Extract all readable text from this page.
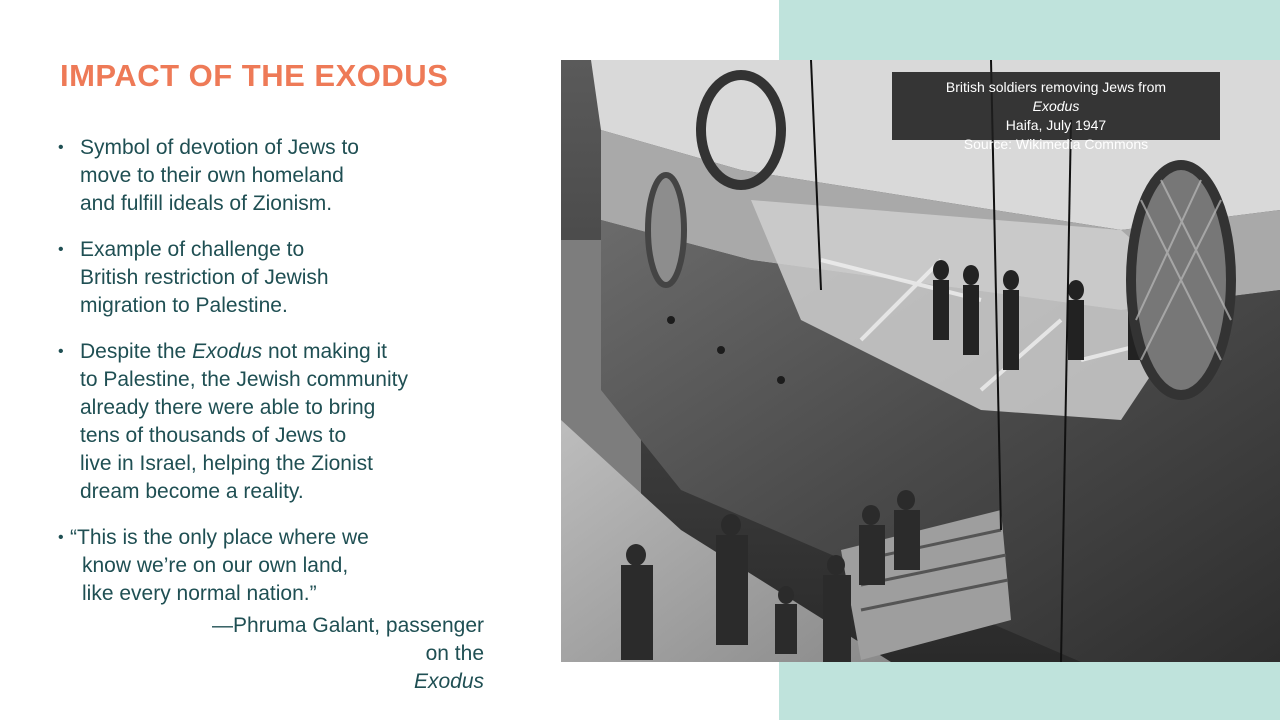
IMPACT OF THE EXODUS
• Symbol of devotion of Jews to
move to their own homeland
and fulfill ideals of Zionism.
• Example of challenge to
British restriction of Jewish
migration to Palestine.
• Despite the Exodus not making it
to Palestine, the Jewish community
already there were able to bring
tens of thousands of Jews to
live in Israel, helping the Zionist
dream become a reality.
• “This is the only place where we
know we’re on our own land,
like every normal nation.”
—Phruma Galant, passenger
on the
Exodus
British soldiers removing Jews from
Exodus
Haifa, July 1947
Source: Wikimedia Commons
